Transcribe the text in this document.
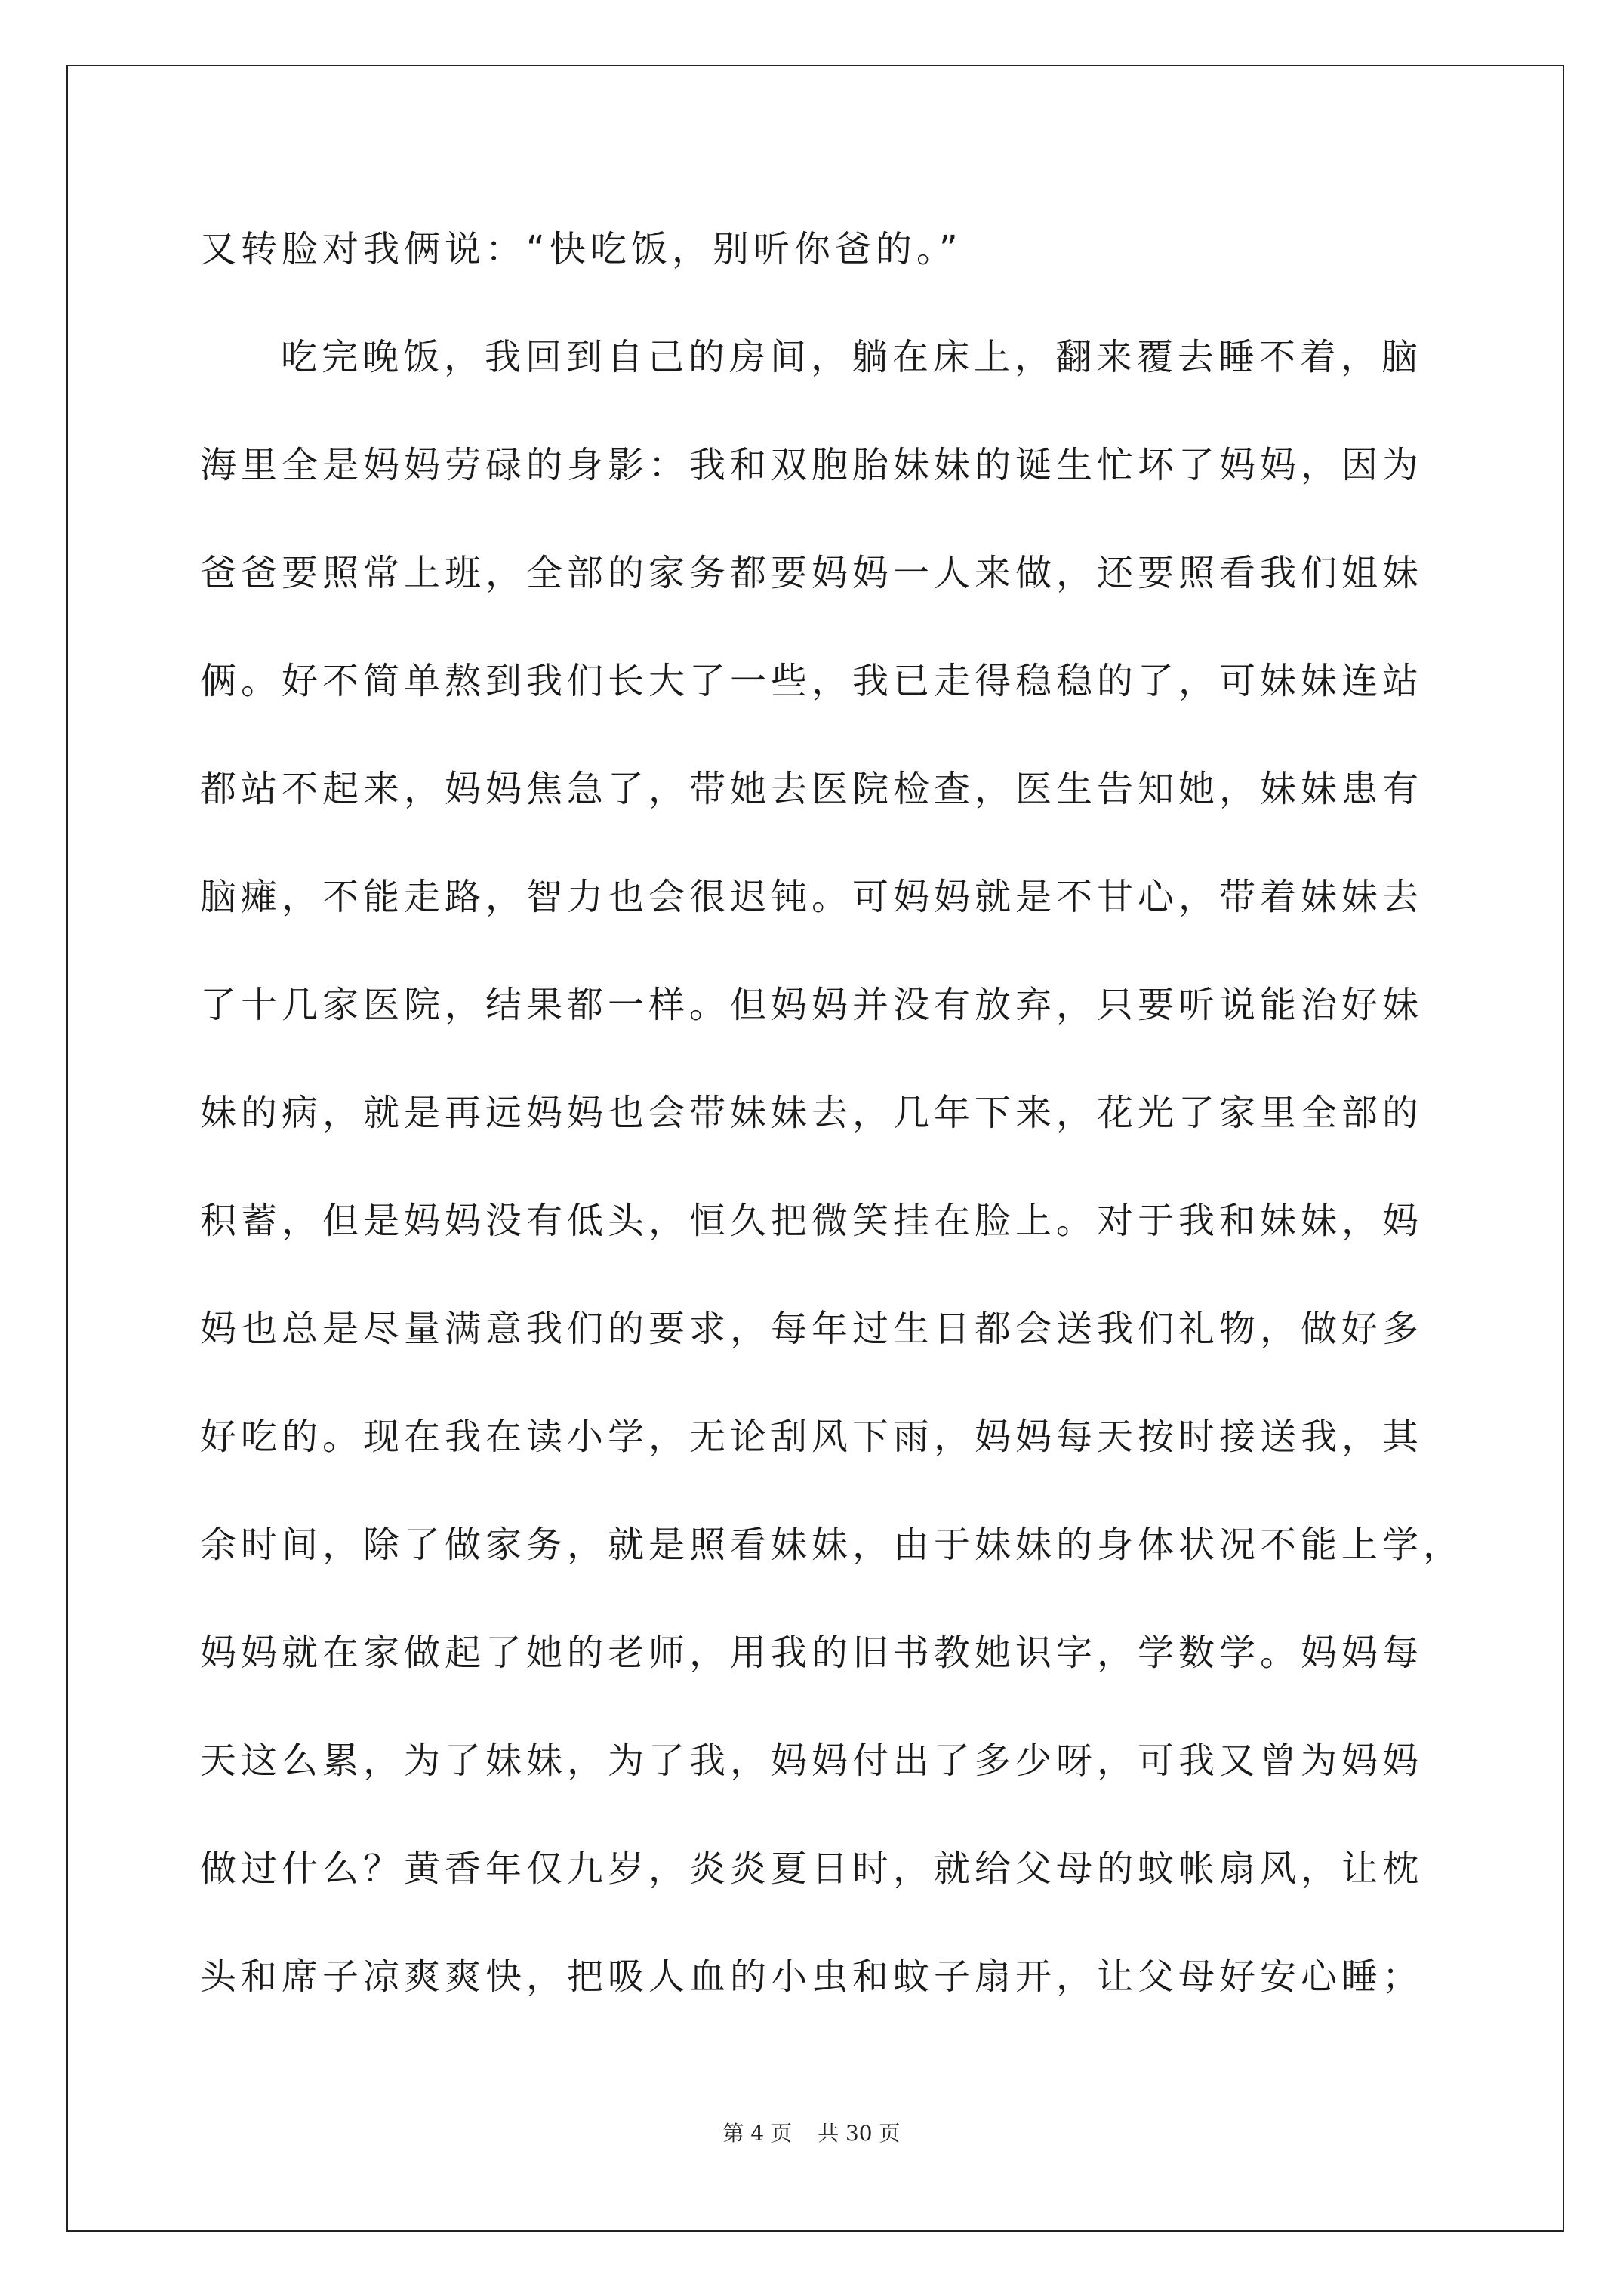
又转脸对我俩说：“快吃饭，别听你爸的。”
吃完晚饭，我回到自己的房间，躺在床上，翻来覆去睡不着，脑
海里全是妈妈劳碌的身影：我和双胞胎妹妹的诞生忙坏了妈妈，因为
爸爸要照常上班，全部的家务都要妈妈一人来做，还要照看我们姐妹
俩。好不简单熬到我们长大了一些，我已走得稳稳的了，可妹妹连站
都站不起来，妈妈焦急了，带她去医院检查，医生告知她，妹妹患有
脑瘫，不能走路，智力也会很迟钝。可妈妈就是不甘心，带着妹妹去
了十几家医院，结果都一样。但妈妈并没有放弃，只要听说能治好妹
妹的病，就是再远妈妈也会带妹妹去，几年下来，花光了家里全部的
积蓄，但是妈妈没有低头，恒久把微笑挂在脸上。对于我和妹妹，妈
妈也总是尽量满意我们的要求，每年过生日都会送我们礼物，做好多
好吃的。现在我在读小学，无论刮风下雨，妈妈每天按时接送我，其
余时间，除了做家务，就是照看妹妹，由于妹妹的身体状况不能上学，
妈妈就在家做起了她的老师，用我的旧书教她识字，学数学。妈妈每
天这么累，为了妹妹，为了我，妈妈付出了多少呀，可我又曾为妈妈
做过什么？黄香年仅九岁，炎炎夏日时，就给父母的蚊帐扇风，让枕
头和席子凉爽爽快，把吸人血的小虫和蚊子扇开，让父母好安心睡；
第 4 页 共 30 页
